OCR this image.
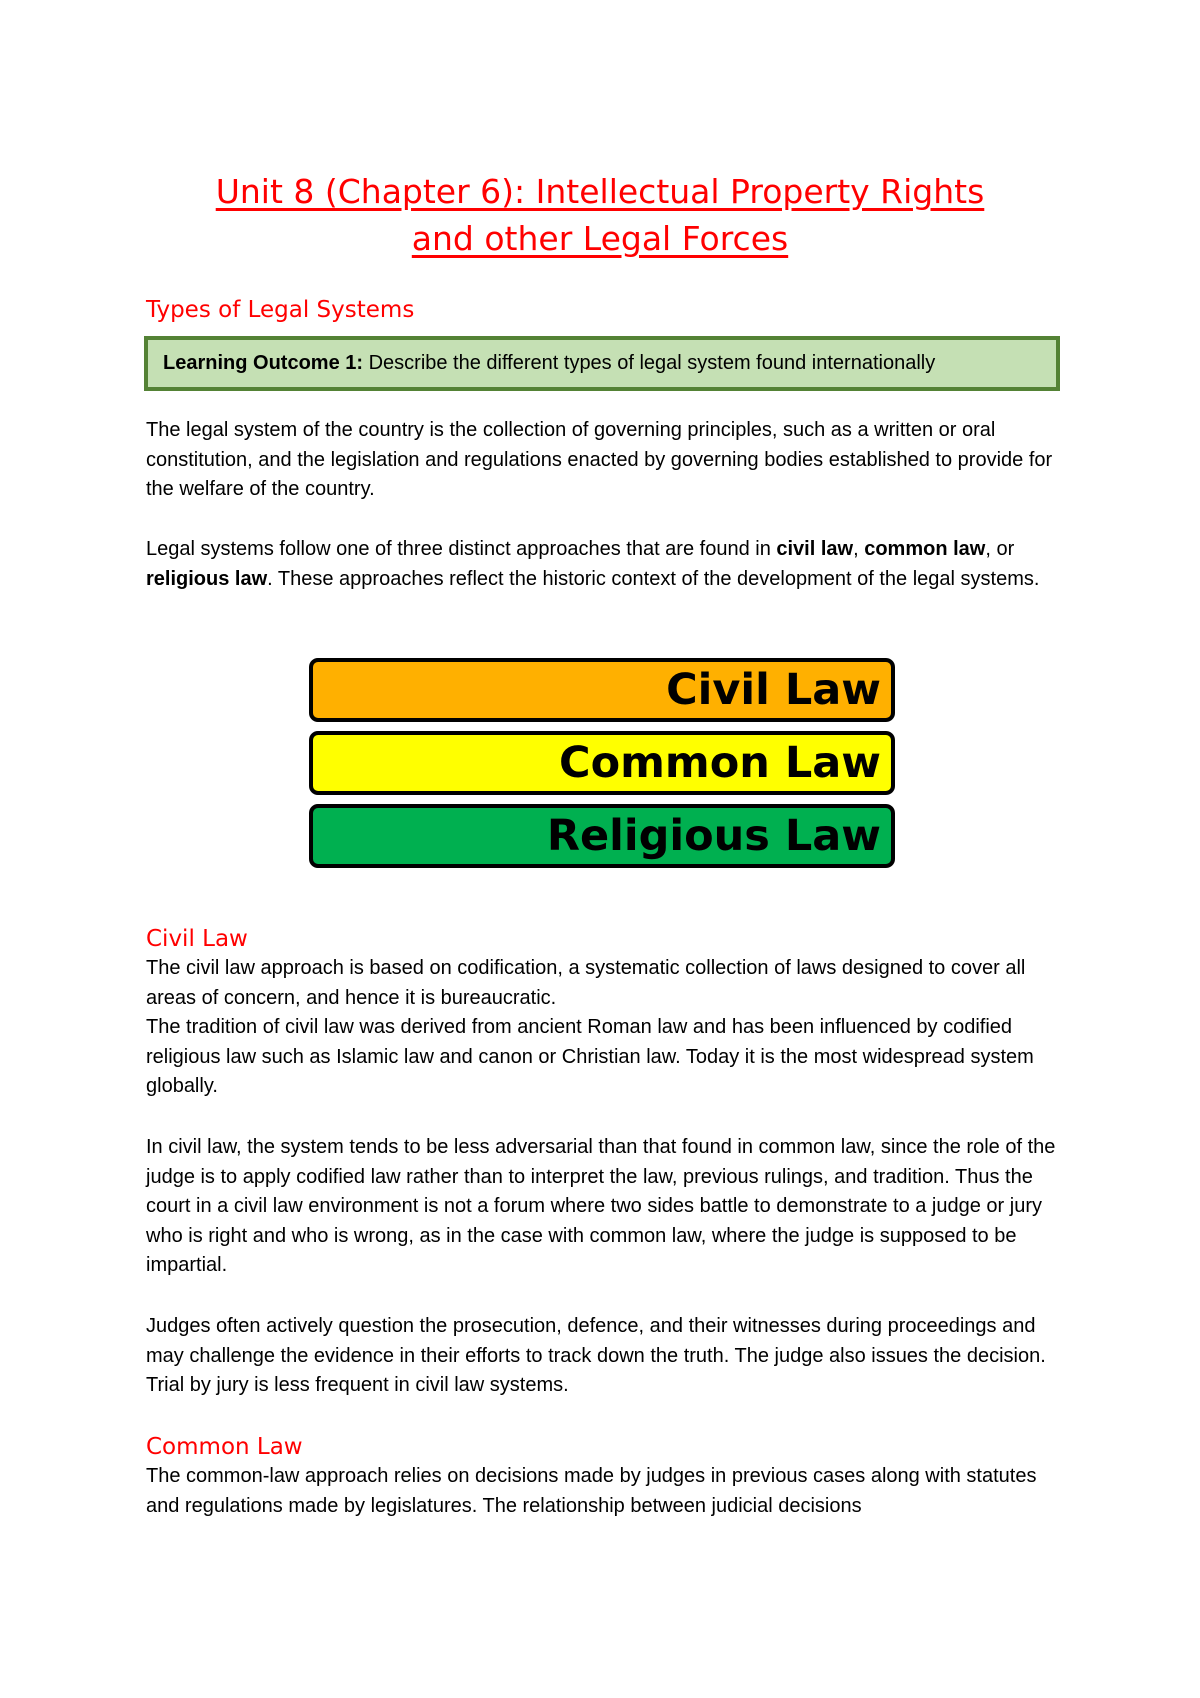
Unit 8 (Chapter 6): Intellectual Property Rights
and other Legal Forces
Types of Legal Systems
Learning Outcome 1: Describe the different types of legal system found internationally

The legal system of the country is the collection of governing principles, such as a written or oral constitution, and the legislation and regulations enacted by governing bodies established to provide for the welfare of the country.

Legal systems follow one of three distinct approaches that are found in civil law, common law, or religious law. These approaches reflect the historic context of the development of the legal systems.

Civil Law
Common Law
Religious Law
Civil Law

The civil law approach is based on codification, a systematic collection of laws designed to cover all areas of concern, and hence it is bureaucratic.

The tradition of civil law was derived from ancient Roman law and has been influenced by codified religious law such as Islamic law and canon or Christian law. Today it is the most widespread system globally.

In civil law, the system tends to be less adversarial than that found in common law, since the role of the judge is to apply codified law rather than to interpret the law, previous rulings, and tradition. Thus the court in a civil law environment is not a forum where two sides battle to demonstrate to a judge or jury who is right and who is wrong, as in the case with common law, where the judge is supposed to be impartial.

Judges often actively question the prosecution, defence, and their witnesses during proceedings and may challenge the evidence in their efforts to track down the truth. The judge also issues the decision. Trial by jury is less frequent in civil law systems.

Common Law

The common-law approach relies on decisions made by judges in previous cases along with statutes and regulations made by legislatures. The relationship between judicial decisions
